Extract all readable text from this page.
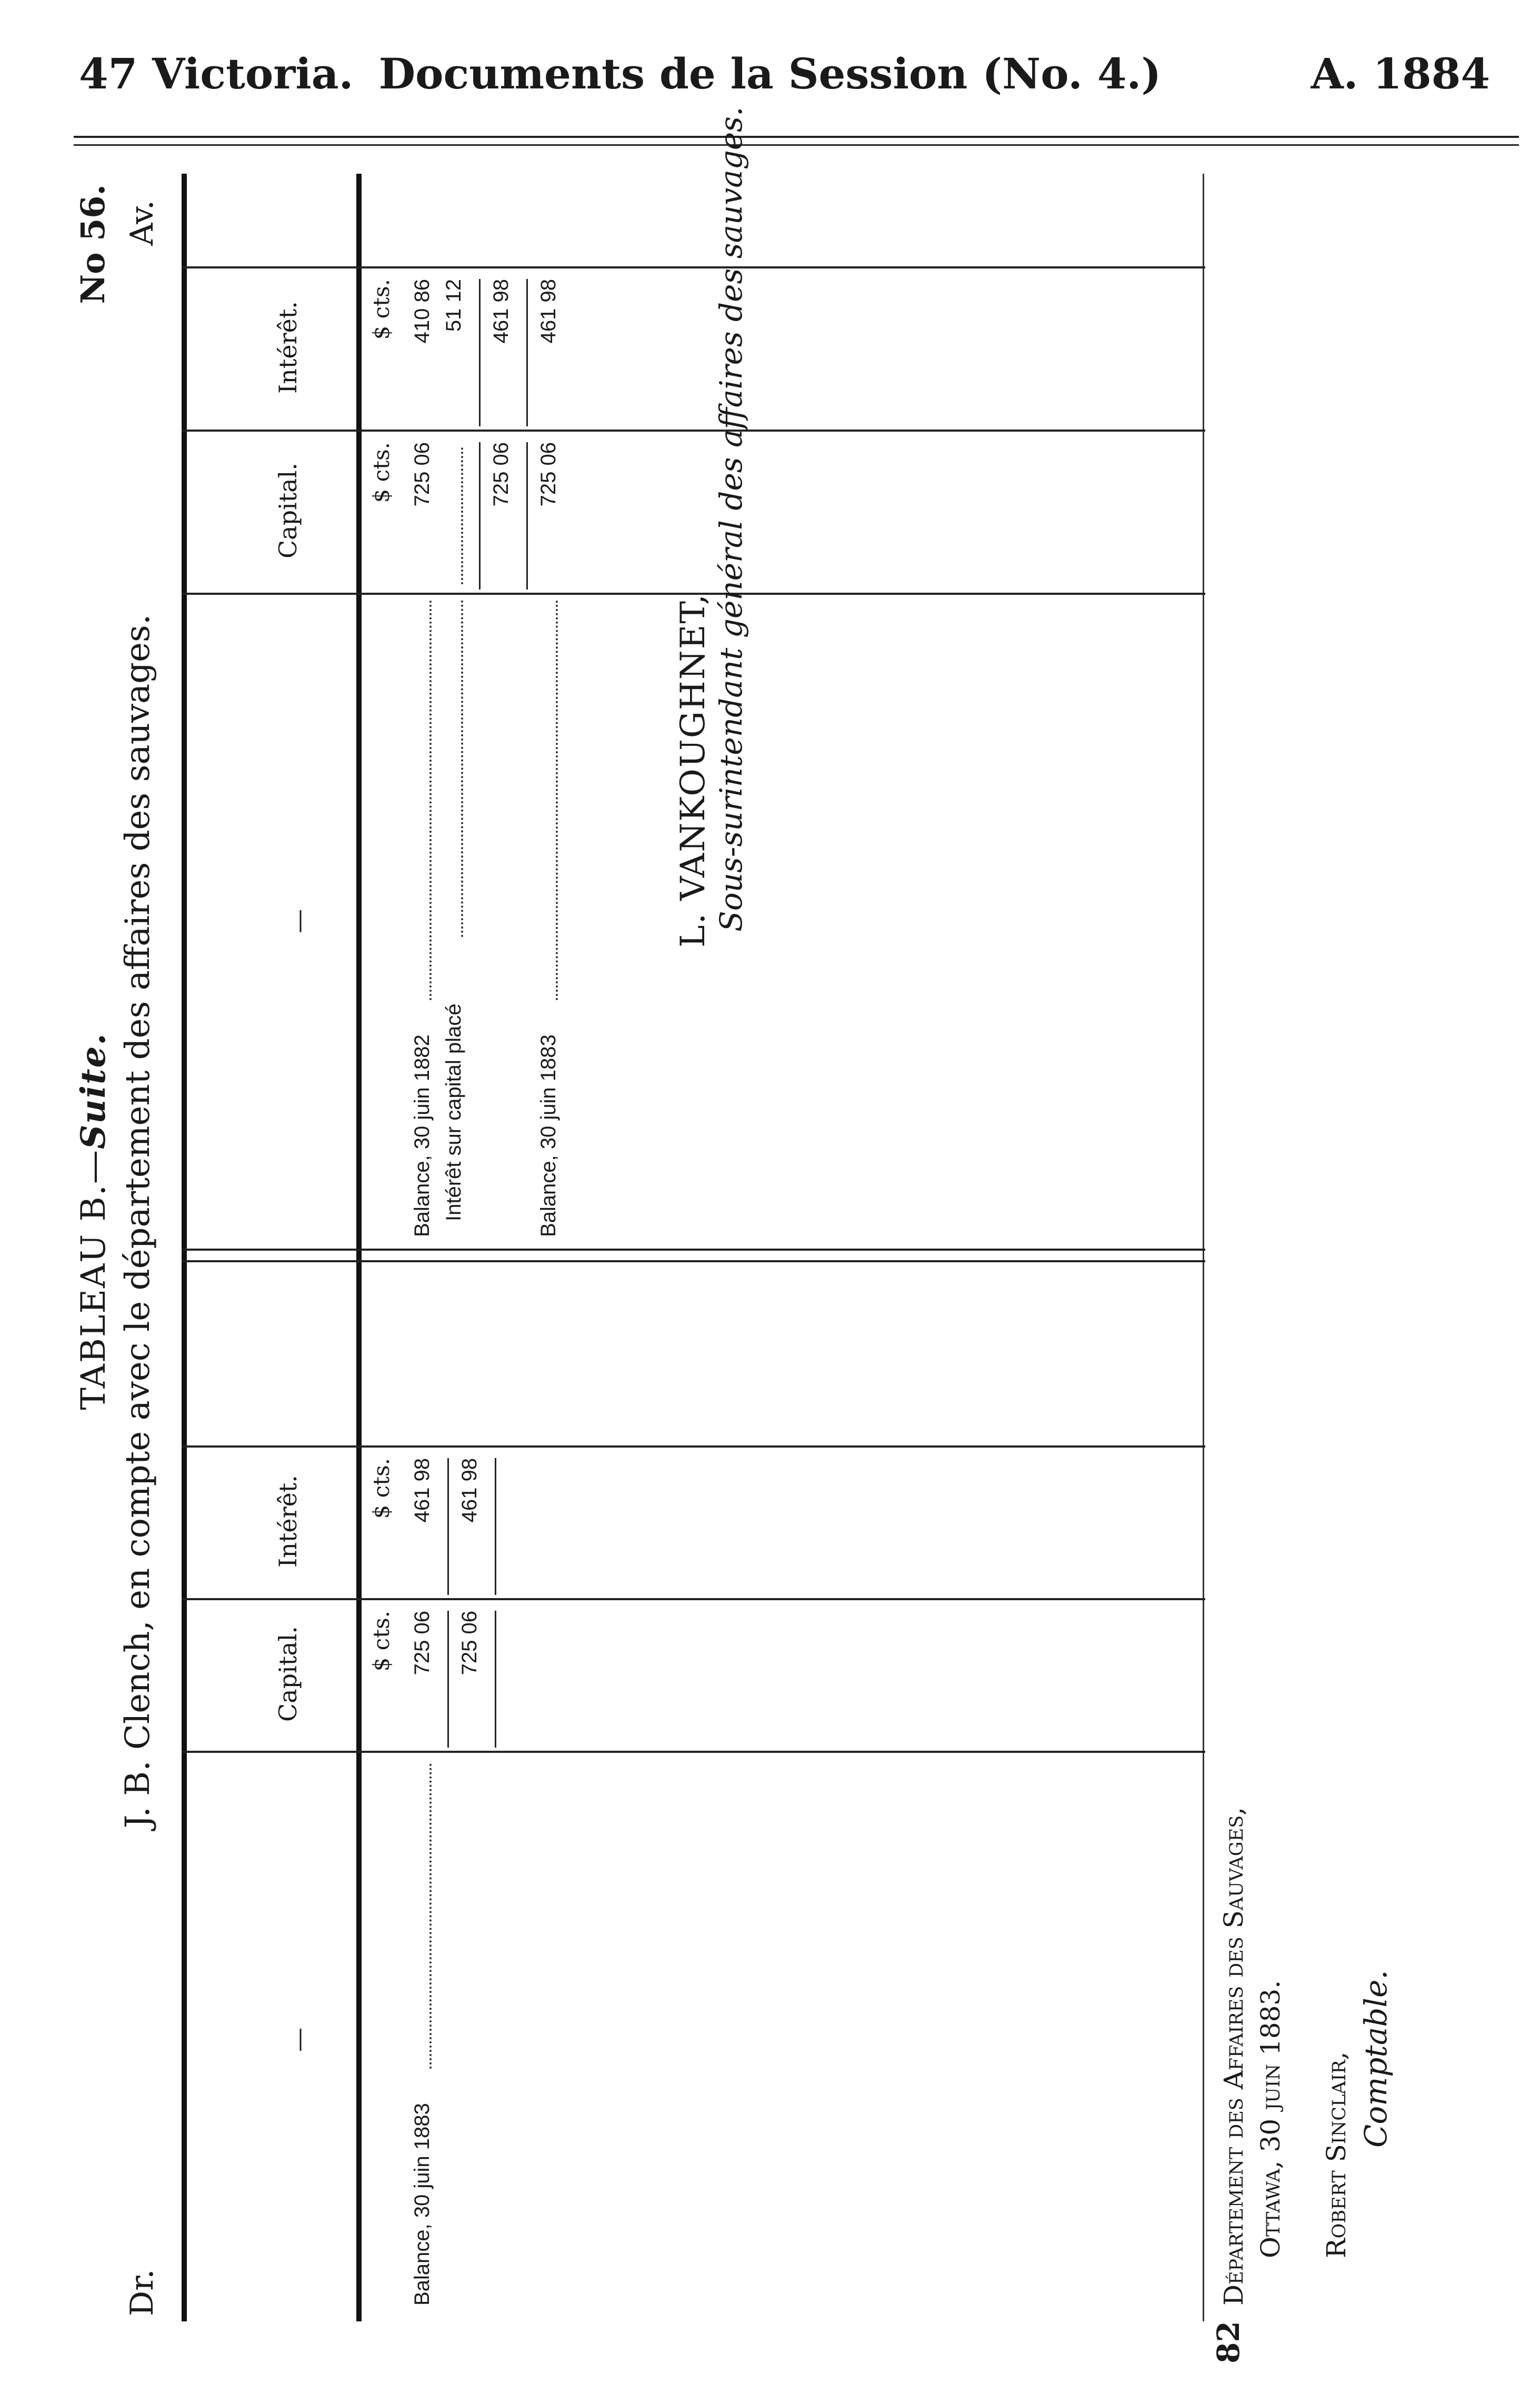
47 Victoria. Documents de la Session (No. 4.)	A. 1884
TABLEAU B.—Suite.
No 56.
J. B. Clench, en compte avec le département des affaires des sauvages.
Dr.
Av.
—
Capital.
Intérêt.
$ cts.
$ cts.
Balance, 30 juin 1883
725 06
461 98
725 06
461 98
—
Capital.
Intérêt.
$ cts.
$ cts.
Balance, 30 juin 1882
725 06
410 86
Intérêt sur capital placé
51 12
725 06
461 98
Balance, 30 juin 1883
725 06
461 98
L. VANKOUGHNET, Sous-surintendant général des affaires des sauvages.
Département des Affaires des Sauvages, Ottawa, 30 juin 1883. Robert Sinclair, Comptable.
82
